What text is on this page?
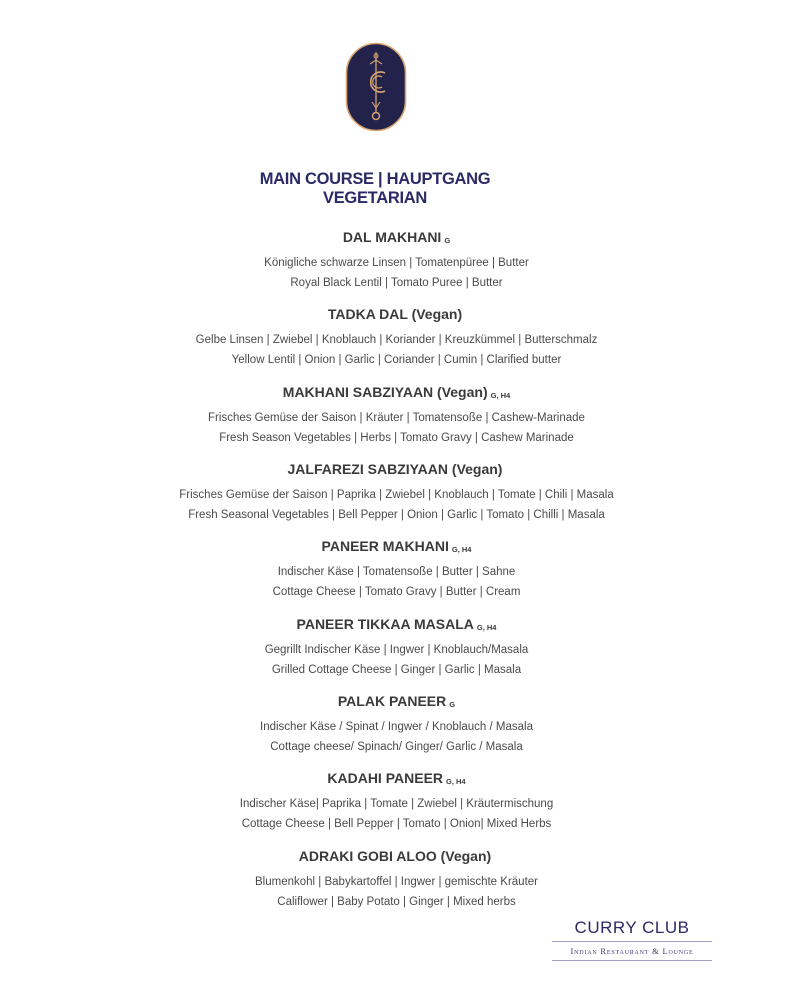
MAIN COURSE | HAUPTGANG
VEGETARIAN

DAL MAKHANI G

Königliche schwarze Linsen | Tomatenpüree | Butter

Royal Black Lentil | Tomato Puree | Butter

TADKA DAL (Vegan)

Gelbe Linsen | Zwiebel | Knoblauch | Koriander | Kreuzkümmel | Butterschmalz

Yellow Lentil | Onion | Garlic | Coriander | Cumin | Clarified butter

MAKHANI SABZIYAAN (Vegan) G, H4

Frisches Gemüse der Saison | Kräuter | Tomatensoße | Cashew-Marinade

Fresh Season Vegetables | Herbs | Tomato Gravy | Cashew Marinade

JALFAREZI SABZIYAAN (Vegan)

Frisches Gemüse der Saison | Paprika | Zwiebel | Knoblauch | Tomate | Chili | Masala

Fresh Seasonal Vegetables | Bell Pepper | Onion | Garlic | Tomato | Chilli | Masala

PANEER MAKHANI G, H4

Indischer Käse | Tomatensoße | Butter | Sahne

Cottage Cheese | Tomato Gravy | Butter | Cream

PANEER TIKKAA MASALA G, H4

Gegrillt Indischer Käse | Ingwer | Knoblauch/Masala

Grilled Cottage Cheese | Ginger | Garlic | Masala

PALAK PANEER G

Indischer Käse / Spinat / Ingwer / Knoblauch / Masala

Cottage cheese/ Spinach/ Ginger/ Garlic / Masala

KADAHI PANEER G, H4

Indischer Käse| Paprika | Tomate | Zwiebel | Kräutermischung

Cottage Cheese | Bell Pepper | Tomato | Onion| Mixed Herbs

ADRAKI GOBI ALOO (Vegan)

Blumenkohl | Babykartoffel | Ingwer | gemischte Kräuter

Califlower | Baby Potato | Ginger | Mixed herbs

CURRY CLUB
Indian Restaurant & Lounge
